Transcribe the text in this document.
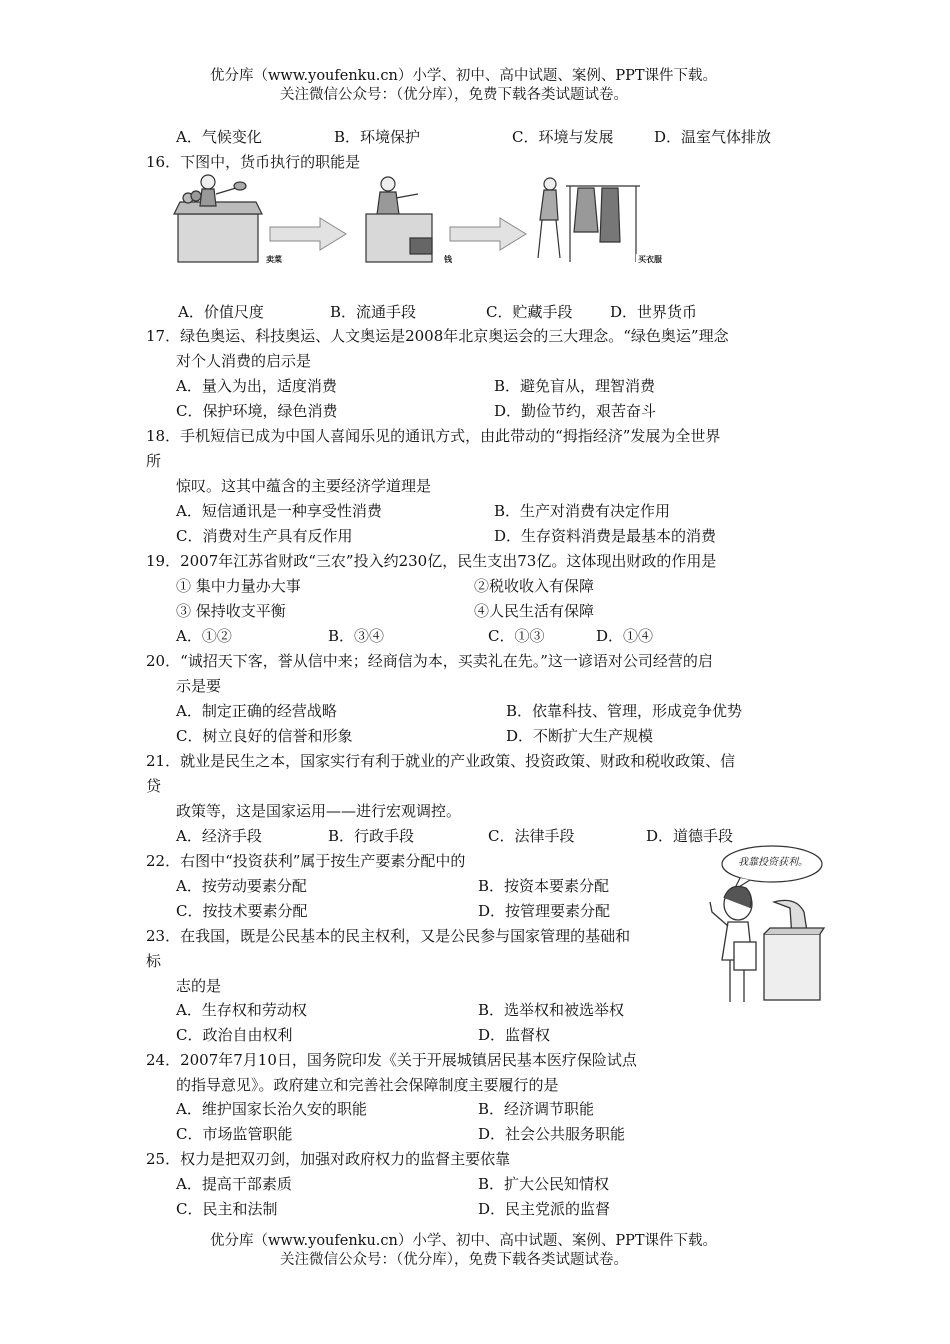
优分库（www.youfenku.cn）小学、初中、高中试题、案例、PPT课件下载。
关注微信公众号：（优分库），免费下载各类试题试卷。
A．气候变化	B．环境保护	C．环境与发展	D．温室气体排放
16．下图中，货币执行的职能是
卖菜	钱	买衣服
A．价值尺度	B．流通手段	C．贮藏手段	D．世界货币
17．绿色奥运、科技奥运、人文奥运是2008年北京奥运会的三大理念。“绿色奥运”理念
对个人消费的启示是
A．量入为出，适度消费	B．避免盲从，理智消费
C．保护环境，绿色消费	D．勤俭节约，艰苦奋斗
18．手机短信已成为中国人喜闻乐见的通讯方式，由此带动的“拇指经济”发展为全世界
所
惊叹。这其中蕴含的主要经济学道理是
A．短信通讯是一种享受性消费	B．生产对消费有决定作用
C．消费对生产具有反作用	D．生存资料消费是最基本的消费
19．2007年江苏省财政“三农”投入约230亿，民生支出73亿。这体现出财政的作用是
① 集中力量办大事	②税收收入有保障
③ 保持收支平衡	④人民生活有保障
A．①②	B．③④	C．①③	D．①④
20．“诚招天下客，誉从信中来；经商信为本，买卖礼在先。”这一谚语对公司经营的启
示是要
A．制定正确的经营战略	B．依靠科技、管理，形成竞争优势
C．树立良好的信誉和形象	D．不断扩大生产规模
21．就业是民生之本，国家实行有利于就业的产业政策、投资政策、财政和税收政策、信
贷
政策等，这是国家运用——进行宏观调控。
A．经济手段	B．行政手段	C．法律手段	D．道德手段
22．右图中“投资获利”属于按生产要素分配中的
A．按劳动要素分配	B．按资本要素分配
C．按技术要素分配	D．按管理要素分配
我靠投资获利。
23．在我国，既是公民基本的民主权利，又是公民参与国家管理的基础和
标
志的是
A．生存权和劳动权	B．选举权和被选举权
C．政治自由权利	D．监督权
24．2007年7月10日，国务院印发《关于开展城镇居民基本医疗保险试点
的指导意见》。政府建立和完善社会保障制度主要履行的是
A．维护国家长治久安的职能	B．经济调节职能
C．市场监管职能	D．社会公共服务职能
25．权力是把双刃剑，加强对政府权力的监督主要依靠
A．提高干部素质	B．扩大公民知情权
C．民主和法制	D．民主党派的监督
优分库（www.youfenku.cn）小学、初中、高中试题、案例、PPT课件下载。
关注微信公众号：（优分库），免费下载各类试题试卷。
